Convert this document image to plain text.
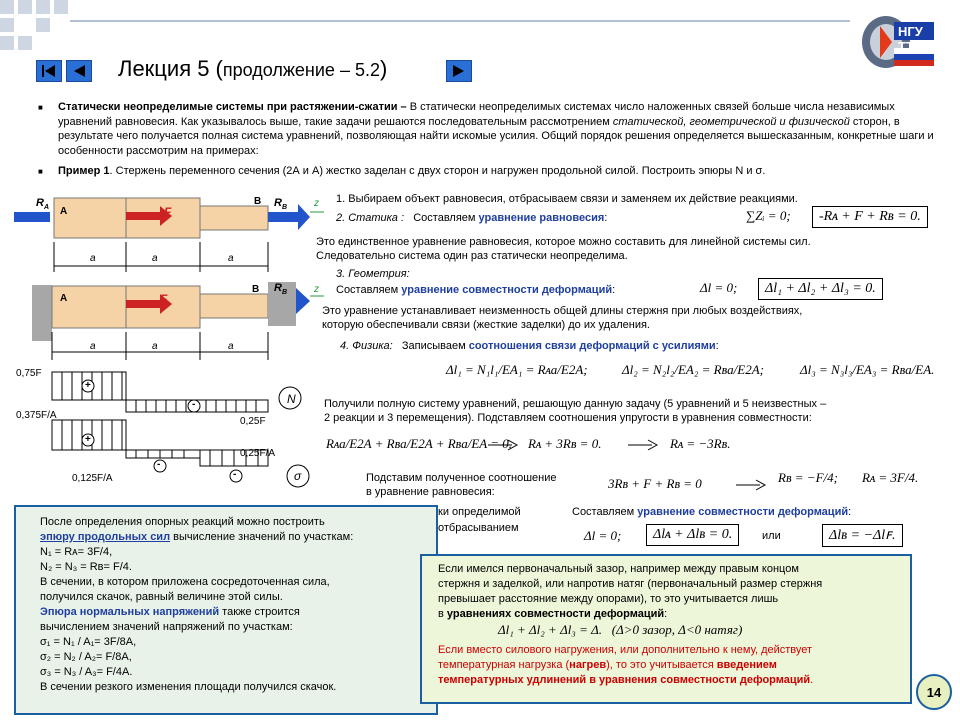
НГУ ТТ
Лекция 5 (продолжение – 5.2)
■ Статически неопределимые системы при растяжении-сжатии – В статически неопределимых системах число наложенных связей больше числа независимых уравнений равновесия. Как указывалось выше, такие задачи решаются последовательным рассмотрением статической, геометрической и физической сторон, в результате чего получается полная система уравнений, позволяющая найти искомые усилия. Общий порядок решения определяется вышесказанным, конкретные шаги и особенности рассмотрим на примерах:
■ Пример 1. Стержень переменного сечения (2А и А) жестко заделан с двух сторон и нагружен продольной силой. Построить эпюры N и σ.
$R_A$ A	F
B $R_B$	z
a	a	a
A	F
B $R_B$	z
a	a	a
0,75F
+
-
0,25F
N
0,375F/A
+
0,25F/A
-
0,125F/A	-	σ
1. Выбираем объект равновесия, отбрасываем связи и заменяем их действие реакциями.
2. Статика : Составляем уравнение равновесия:	∑Zᵢ = 0;	-Rᴀ + F + Rʙ = 0.
Это единственное уравнение равновесия, которое можно составить для линейной системы сил.
Следовательно система один раз статически неопределима.
3. Геометрия:
Составляем уравнение совместности деформаций:	Δl = 0;	Δl₁ + Δl₂ + Δl₃ = 0.
Это уравнение устанавливает неизменность общей длины стержня при любых воздействиях,
которую обеспечивали связи (жесткие заделки) до их удаления.
4. Физика: Записываем соотношения связи деформаций с усилиями:
Δl₁ = N₁l₁/EA₁ = Rᴀa/E2A;	Δl₂ = N₂l₂/EA₂ = Rʙa/E2A;	Δl₃ = N₃l₃/EA₃ = Rʙa/EA.
Получили полную систему уравнений, решающую данную задачу (5 уравнений и 5 неизвестных –
2 реакции и 3 перемещения). Подставляем соотношения упругости в уравнения совместности:
Rᴀa/E2A + Rʙa/E2A + Rʙa/EA = 0. Rᴀ + 3Rʙ = 0.	Rᴀ = −3Rʙ.
Подставим полученное соотношение
в уравнение равновесия:
3Rʙ + F + Rʙ = 0	Rʙ = −F/4; Rᴀ = 3F/4.
ки определимой
отбрасыванием
Составляем уравнение совместности деформаций:
Δl = 0;	Δlᴀ + Δlʙ = 0.	или	Δlʙ = −Δlꜰ.
После определения опорных реакций можно построить
эпюру продольных сил вычисление значений по участкам:
N₁ = Rᴀ= 3F/4,
N₂ = N₃ = Rʙ= F/4.
В сечении, в котором приложена сосредоточенная сила,
получился скачок, равный величине этой силы.
Эпюра нормальных напряжений также строится
вычислением значений напряжений по участкам:
σ₁ = N₁ / A₁= 3F/8A,
σ₂ = N₂ / A₂= F/8A,
σ₃ = N₃ / A₃= F/4A.
В сечении резкого изменения площади получился скачок.
Если имелся первоначальный зазор, например между правым концом
стержня и заделкой, или напротив натяг (первоначальный размер стержня
превышает расстояние между опорами), то это учитывается лишь
в уравнениях совместности деформаций:
Δl₁ + Δl₂ + Δl₃ = Δ. (Δ>0 зазор, Δ<0 натяг)
Если вместо силового нагружения, или дополнительно к нему, действует
температурная нагрузка (нагрев), то это учитывается введением
температурных удлинений в уравнения совместности деформаций.
14
